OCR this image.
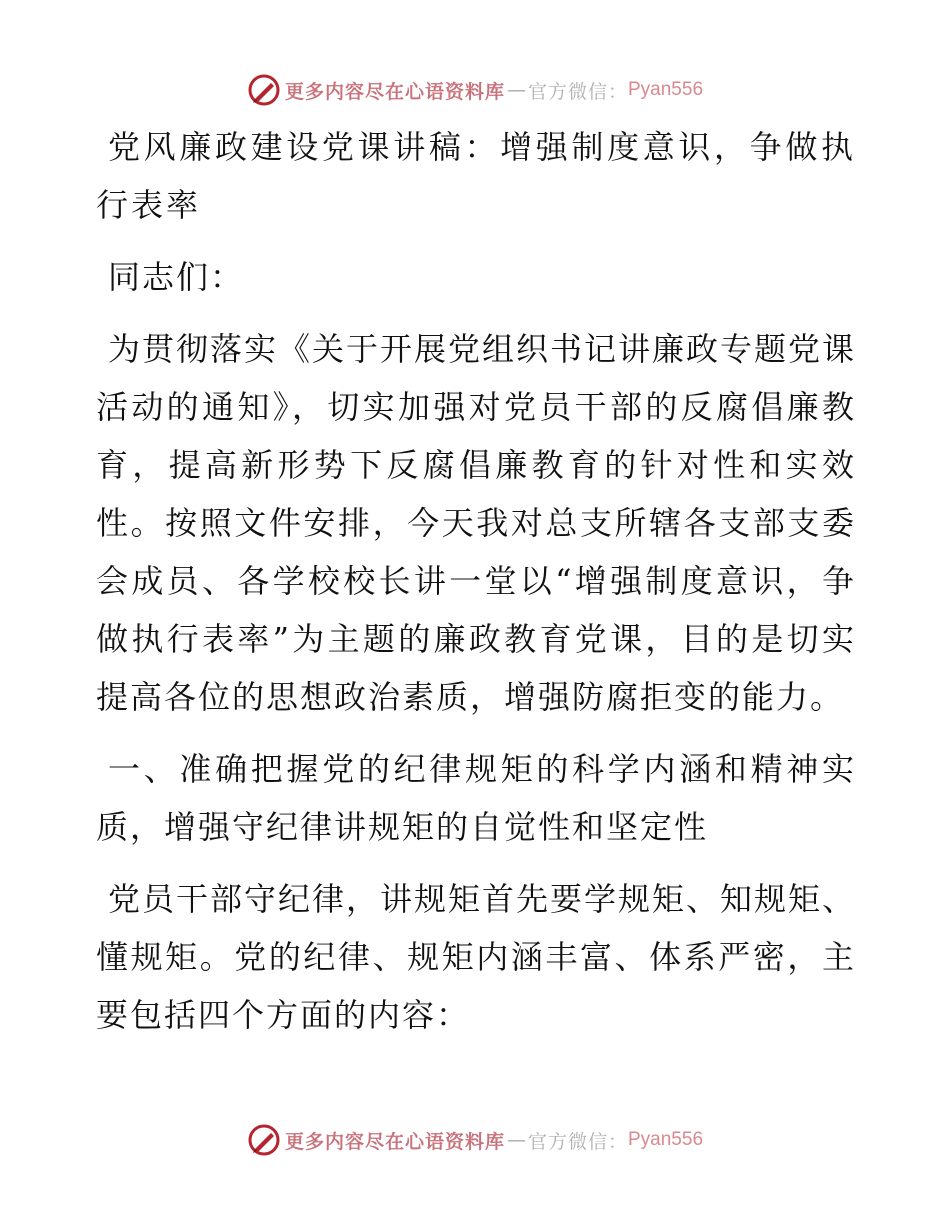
更多内容尽在心语资料库 — 官方微信： Pyan556

党风廉政建设党课讲稿：增强制度意识，争做执行表率

同志们：

为贯彻落实《关于开展党组织书记讲廉政专题党课活动的通知》，切实加强对党员干部的反腐倡廉教育，提高新形势下反腐倡廉教育的针对性和实效性。按照文件安排，今天我对总支所辖各支部支委会成员、各学校校长讲一堂以“增强制度意识，争做执行表率”为主题的廉政教育党课，目的是切实提高各位的思想政治素质，增强防腐拒变的能力。

一、准确把握党的纪律规矩的科学内涵和精神实质，增强守纪律讲规矩的自觉性和坚定性

党员干部守纪律，讲规矩首先要学规矩、知规矩、懂规矩。党的纪律、规矩内涵丰富、体系严密，主要包括四个方面的内容：

更多内容尽在心语资料库 — 官方微信： Pyan556
